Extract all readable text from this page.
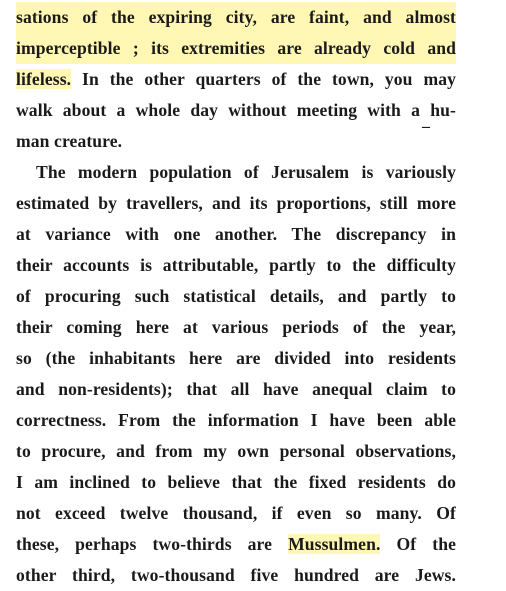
sations of the expiring city, are faint, and almost
imperceptible ; its extremities are already cold and
lifeless. In the other quarters of the town, you may
walk about a whole day without meeting with a hu-
man creature.
–
The modern population of Jerusalem is variously
estimated by travellers, and its proportions, still more
at variance with one another. The discrepancy in
their accounts is attributable, partly to the difficulty
of procuring such statistical details, and partly to
their coming here at various periods of the year,
so (the inhabitants here are divided into residents
and non-residents); that all have anequal claim to
correctness. From the information I have been able
to procure, and from my own personal observations,
I am inclined to believe that the fixed residents do
not exceed twelve thousand, if even so many. Of
these, perhaps two-thirds are Mussulmen. Of the
other third, two-thousand five hundred are Jews.
